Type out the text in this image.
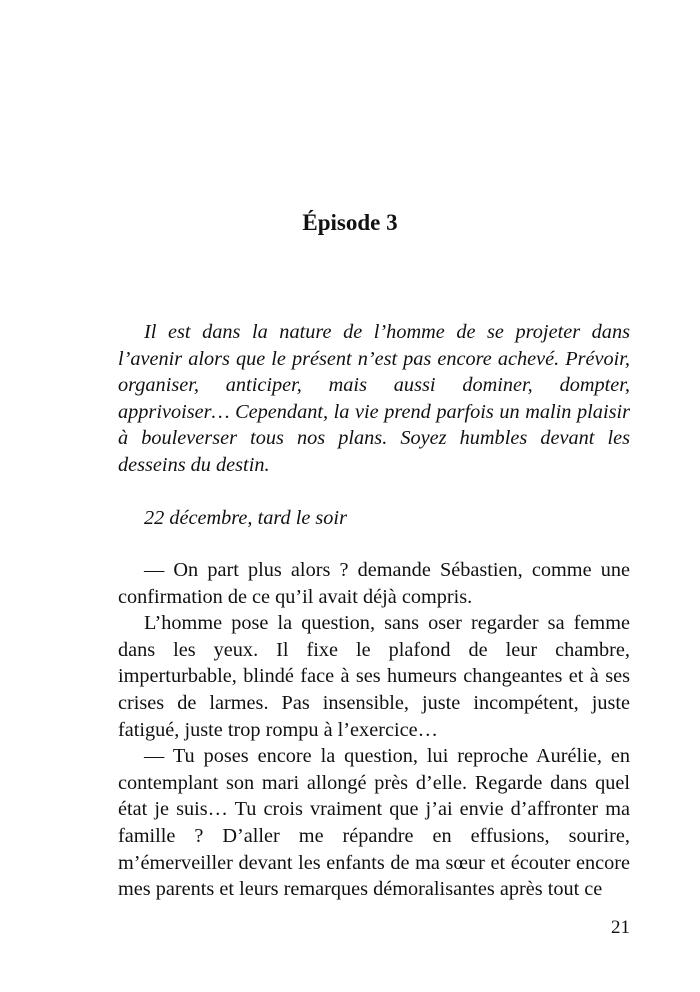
Épisode 3

Il est dans la nature de l’homme de se projeter dans l’avenir alors que le présent n’est pas encore achevé. Prévoir, organiser, anticiper, mais aussi dominer, dompter, apprivoiser… Cependant, la vie prend parfois un malin plaisir à bouleverser tous nos plans. Soyez humbles devant les desseins du destin.

22 décembre, tard le soir

— On part plus alors ? demande Sébastien, comme une confirmation de ce qu’il avait déjà compris.

L’homme pose la question, sans oser regarder sa femme dans les yeux. Il fixe le plafond de leur chambre, imperturbable, blindé face à ses humeurs changeantes et à ses crises de larmes. Pas insensible, juste incompétent, juste fatigué, juste trop rompu à l’exercice…

— Tu poses encore la question, lui reproche Aurélie, en contemplant son mari allongé près d’elle. Regarde dans quel état je suis… Tu crois vraiment que j’ai envie d’affronter ma famille ? D’aller me répandre en effusions, sourire, m’émerveiller devant les enfants de ma sœur et écouter encore mes parents et leurs remarques démoralisantes après tout ce

21
